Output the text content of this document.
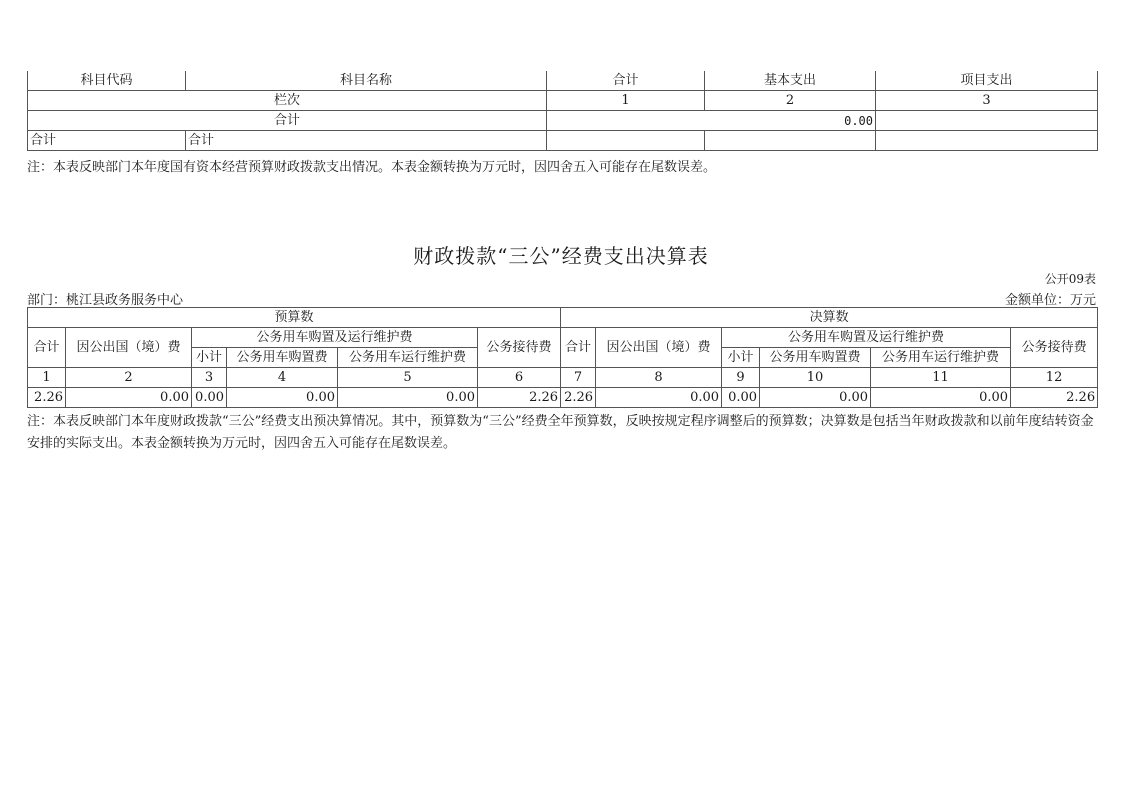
科目代码	科目名称	合计	基本支出	项目支出
栏次		1	2	3
合计		0.00		
合计	合计			
注：本表反映部门本年度国有资本经营预算财政拨款支出情况。本表金额转换为万元时，因四舍五入可能存在尾数误差。
财政拨款“三公”经费支出决算表
公开09表
部门：桃江县政务服务中心	金额单位：万元
预算数						决算数					
合计	因公出国（境）费	公务用车购置及运行维护费			公务接待费	合计	因公出国（境）费	公务用车购置及运行维护费			公务接待费
		小计	公务用车购置费	公务用车运行维护费				小计	公务用车购置费	公务用车运行维护费	
1	2	3	4	5	6	7	8	9	10	11	12
2.26	0.00	0.00	0.00	0.00	2.26	2.26	0.00	0.00	0.00	0.00	2.26
注：本表反映部门本年度财政拨款“三公”经费支出预决算情况。其中，预算数为“三公”经费全年预算数，反映按规定程序调整后的预算数；决算数是包括当年财政拨款和以前年度结转资金安排的实际支出。本表金额转换为万元时，因四舍五入可能存在尾数误差。
